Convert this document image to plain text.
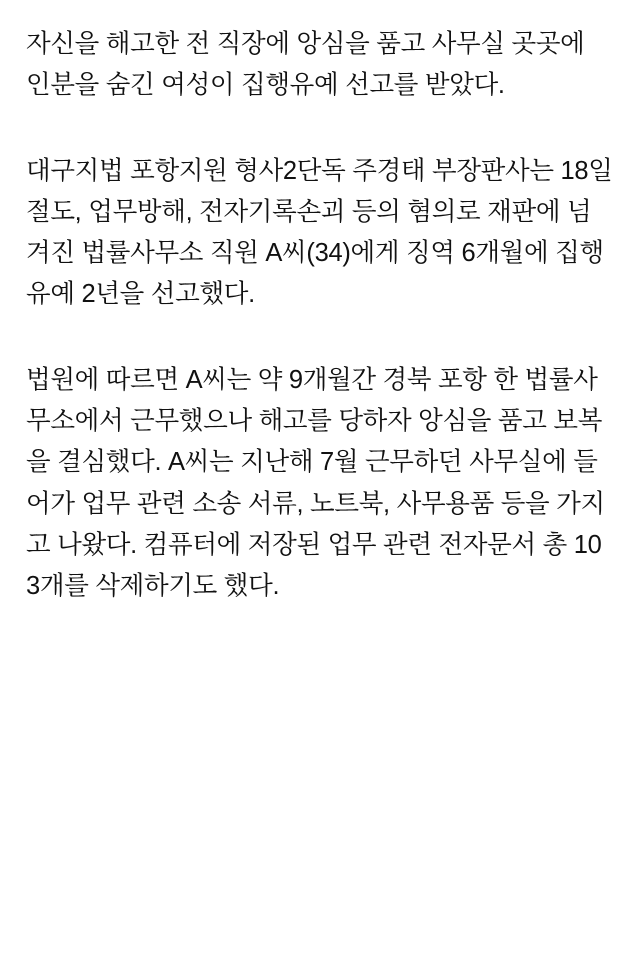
자신을 해고한 전 직장에 앙심을 품고 사무실 곳곳에 인분을 숨긴 여성이 집행유예 선고를 받았다.

대구지법 포항지원 형사2단독 주경태 부장판사는 18일 절도, 업무방해, 전자기록손괴 등의 혐의로 재판에 넘겨진 법률사무소 직원 A씨(34)에게 징역 6개월에 집행유예 2년을 선고했다.

법원에 따르면 A씨는 약 9개월간 경북 포항 한 법률사무소에서 근무했으나 해고를 당하자 앙심을 품고 보복을 결심했다. A씨는 지난해 7월 근무하던 사무실에 들어가 업무 관련 소송 서류, 노트북, 사무용품 등을 가지고 나왔다. 컴퓨터에 저장된 업무 관련 전자문서 총 103개를 삭제하기도 했다.
